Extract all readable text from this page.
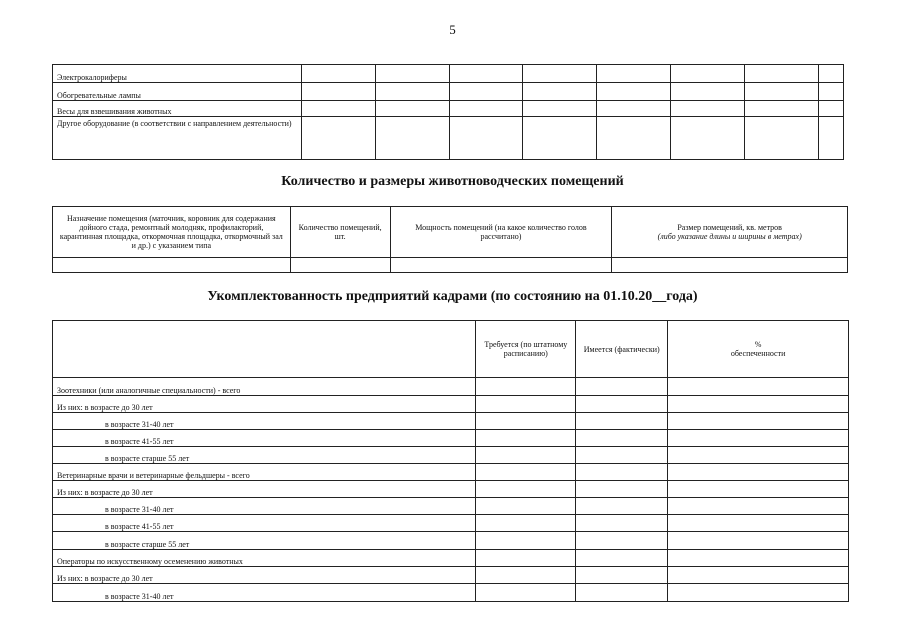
5
Электрокалориферы								
Обогревательные лампы								
Весы для взвешивания животных								
Другое оборудование (в соответствии с направлением деятельности)								
Количество и размеры животноводческих помещений
Назначение помещения (маточник, коровник для содержания дойного стада, ремонтный молодняк, профилакторий, карантинная площадка, откормочная площадка, откормочный зал и др.) с указанием типа	Количество помещений, шт.	Мощность помещений (на какое количество голов рассчитано)	Размер помещений, кв. метров
(либо указание длины и ширины в метрах)

Укомплектованность предприятий кадрами (по состоянию на 01.10.20__года)
	Требуется (по штатному расписанию)	Имеется (фактически)	%
обеспеченности

Зоотехники (или аналогичные специальности) - всего			
Из них: в возрасте до 30 лет			
в возрасте 31-40 лет			
в возрасте 41-55 лет			
в возрасте старше 55 лет			
Ветеринарные врачи и ветеринарные фельдшеры - всего			
Из них: в возрасте до 30 лет			
в возрасте 31-40 лет			
в возрасте 41-55 лет			
в возрасте старше 55 лет			
Операторы по искусственному осеменению животных			
Из них: в возрасте до 30 лет			
в возрасте 31-40 лет			
